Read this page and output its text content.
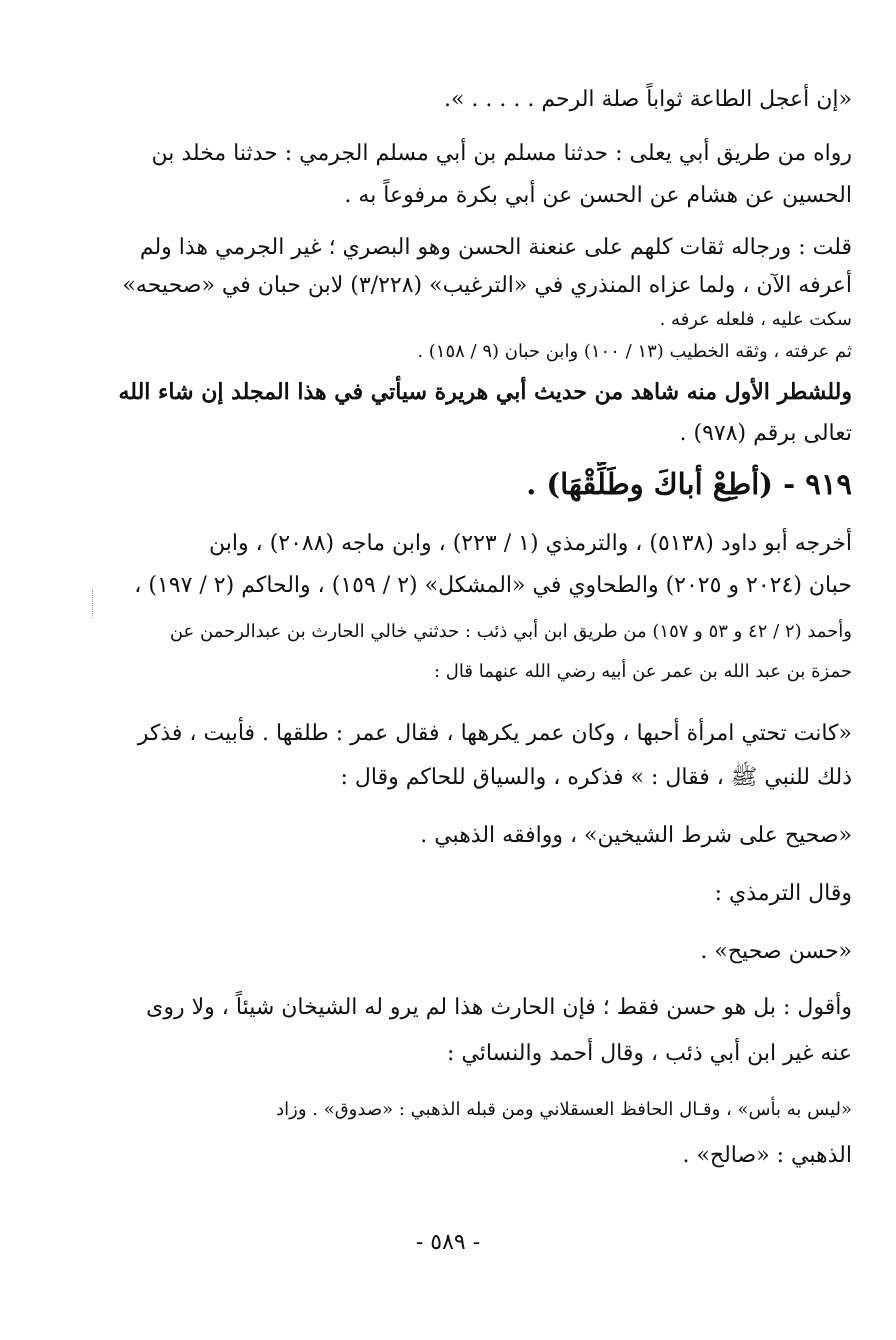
«إن أعجل الطاعة ثواباً صلة الرحم . . . . . ».
رواه من طريق أبي يعلى : حدثنا مسلم بن أبي مسلم الجرمي : حدثنا مخلد بن
الحسين عن هشام عن الحسن عن أبي بكرة مرفوعاً به .
قلت : ورجاله ثقات كلهم على عنعنة الحسن وهو البصري ؛ غير الجرمي هذا ولم
أعرفه الآن ، ولما عزاه المنذري في «الترغيب» (٣/٢٢٨) لابن حبان في «صحيحه»
سكت عليه ، فلعله عرفه .
ثم عرفته ، وثقه الخطيب (١٣ / ١٠٠) وابن حبان (٩ / ١٥٨) .
وللشطر الأول منه شاهد من حديث أبي هريرة سيأتي في هذا المجلد إن شاء الله
تعالى برقم (٩٧٨) .
٩١٩ - (أطِعْ أباكَ وطَلِّقْهَا) .
أخرجه أبو داود (٥١٣٨) ، والترمذي (١ / ٢٢٣) ، وابن ماجه (٢٠٨٨) ، وابن
حبان (٢٠٢٤ و ٢٠٢٥) والطحاوي في «المشكل» (٢ / ١٥٩) ، والحاكم (٢ / ١٩٧) ،
وأحمد (٢ / ٤٢ و ٥٣ و ١٥٧) من طريق ابن أبي ذئب : حدثني خالي الحارث بن عبدالرحمن عن
حمزة بن عبد الله بن عمر عن أبيه رضي الله عنهما قال :
«كانت تحتي امرأة أحبها ، وكان عمر يكرهها ، فقال عمر : طلقها . فأبيت ، فذكر
ذلك للنبي ﷺ ، فقال : » فذكره ، والسياق للحاكم وقال :
«صحيح على شرط الشيخين» ، ووافقه الذهبي .
وقال الترمذي :
«حسن صحيح» .
وأقول : بل هو حسن فقط ؛ فإن الحارث هذا لم يرو له الشيخان شيئاً ، ولا روى
عنه غير ابن أبي ذئب ، وقال أحمد والنسائي :
«ليس به بأس» ، وقـال الحافظ العسقلاني ومن قبله الذهبي : «صدوق» . وزاد
الذهبي : «صالح» .
- ٥٨٩ -
